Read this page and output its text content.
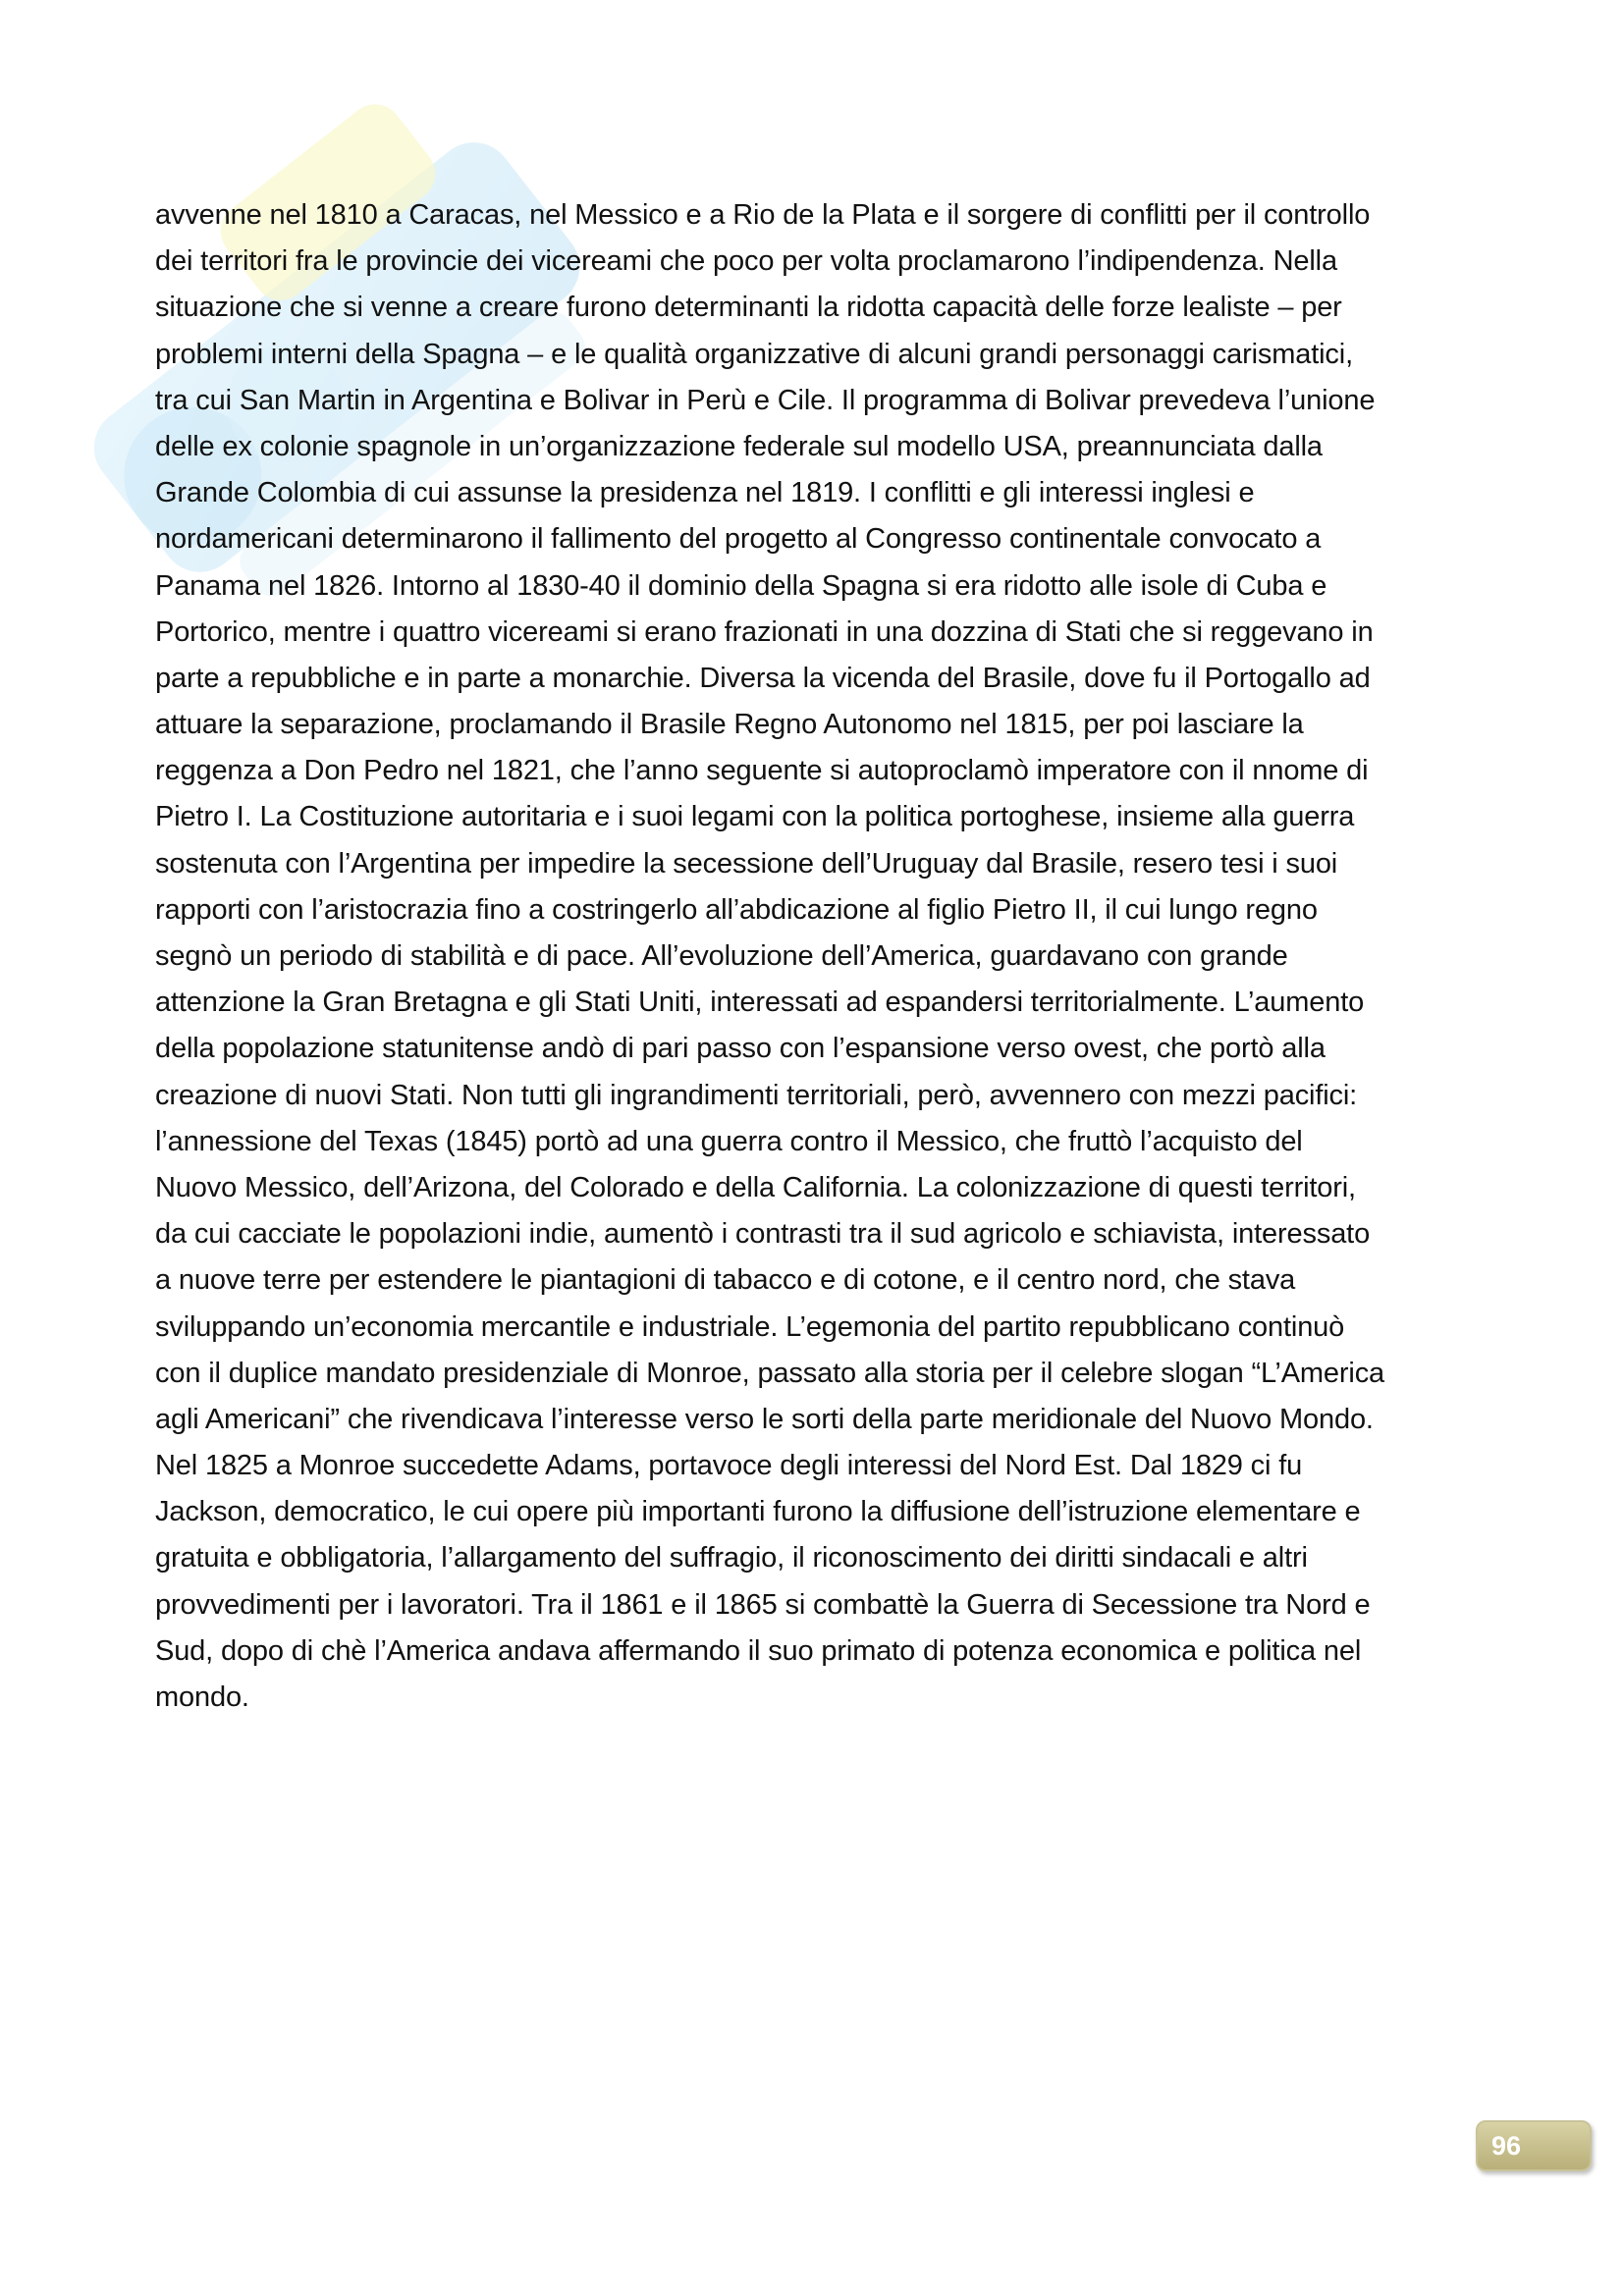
avvenne nel 1810 a Caracas, nel Messico e a Rio de la Plata e il sorgere di conflitti per il controllo
dei territori fra le provincie dei vicereami che poco per volta proclamarono l’indipendenza. Nella
situazione che si venne a creare furono determinanti la ridotta capacità delle forze lealiste – per
problemi interni della Spagna – e le qualità organizzative di alcuni grandi personaggi carismatici,
tra cui San Martin in Argentina e Bolivar in Perù e Cile. Il programma di Bolivar prevedeva l’unione
delle ex colonie spagnole in un’organizzazione federale sul modello USA, preannunciata dalla
Grande Colombia di cui assunse la presidenza nel 1819. I conflitti e gli interessi inglesi e
nordamericani determinarono il fallimento del progetto al Congresso continentale convocato a
Panama nel 1826. Intorno al 1830-40 il dominio della Spagna si era ridotto alle isole di Cuba e
Portorico, mentre i quattro vicereami si erano frazionati in una dozzina di Stati che si reggevano in
parte a repubbliche e in parte a monarchie. Diversa la vicenda del Brasile, dove fu il Portogallo ad
attuare la separazione, proclamando il Brasile Regno Autonomo nel 1815, per poi lasciare la
reggenza a Don Pedro nel 1821, che l’anno seguente si autoproclamò imperatore con il nnome di
Pietro I. La Costituzione autoritaria e i suoi legami con la politica portoghese, insieme alla guerra
sostenuta con l’Argentina per impedire la secessione dell’Uruguay dal Brasile, resero tesi i suoi
rapporti con l’aristocrazia fino a costringerlo all’abdicazione al figlio Pietro II, il cui lungo regno
segnò un periodo di stabilità e di pace. All’evoluzione dell’America, guardavano con grande
attenzione la Gran Bretagna e gli Stati Uniti, interessati ad espandersi territorialmente. L’aumento
della popolazione statunitense andò di pari passo con l’espansione verso ovest, che portò alla
creazione di nuovi Stati. Non tutti gli ingrandimenti territoriali, però, avvennero con mezzi pacifici:
l’annessione del Texas (1845) portò ad una guerra contro il Messico, che fruttò l’acquisto del
Nuovo Messico, dell’Arizona, del Colorado e della California. La colonizzazione di questi territori,
da cui cacciate le popolazioni indie, aumentò i contrasti tra il sud agricolo e schiavista, interessato
a nuove terre per estendere le piantagioni di tabacco e di cotone, e il centro nord, che stava
sviluppando un’economia mercantile e industriale. L’egemonia del partito repubblicano continuò
con il duplice mandato presidenziale di Monroe, passato alla storia per il celebre slogan “L’America
agli Americani” che rivendicava l’interesse verso le sorti della parte meridionale del Nuovo Mondo.
Nel 1825 a Monroe succedette Adams, portavoce degli interessi del Nord Est. Dal 1829 ci fu
Jackson, democratico, le cui opere più importanti furono la diffusione dell’istruzione elementare e
gratuita e obbligatoria, l’allargamento del suffragio, il riconoscimento dei diritti sindacali e altri
provvedimenti per i lavoratori. Tra il 1861 e il 1865 si combattè la Guerra di Secessione tra Nord e
Sud, dopo di chè l’America andava affermando il suo primato di potenza economica e politica nel
mondo.
96
